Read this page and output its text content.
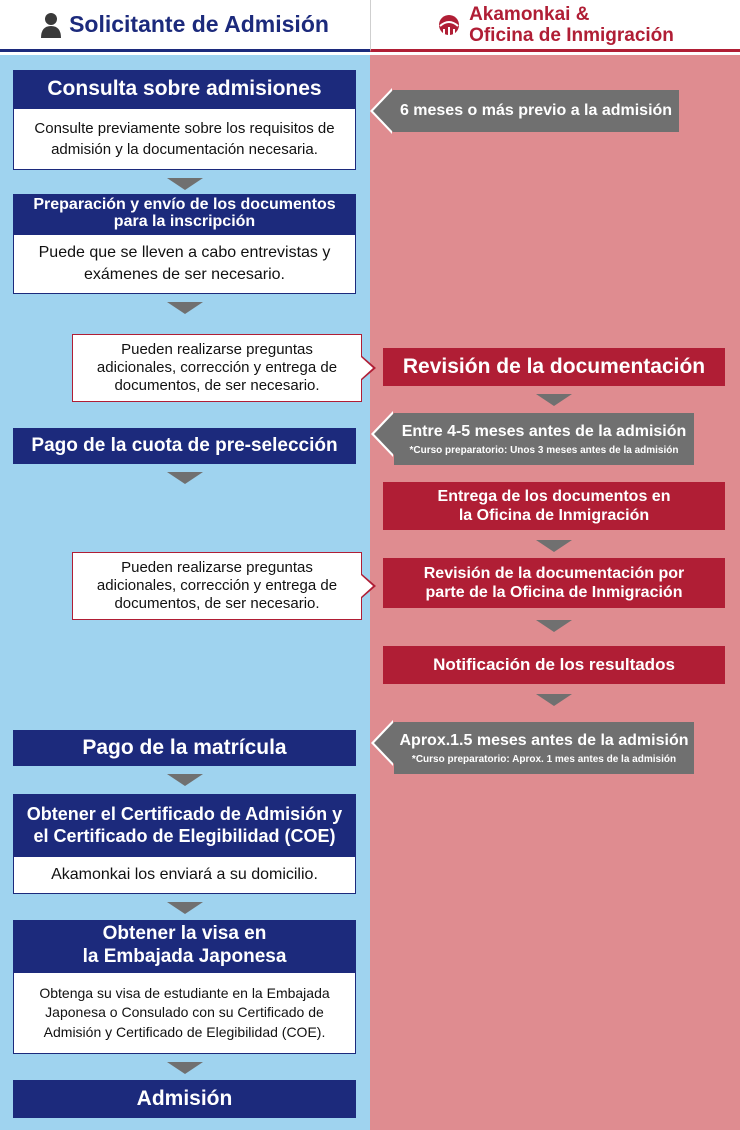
Solicitante de Admisión	Akamonkai &
Oficina de Inmigración
Consulta sobre admisiones
Consulte previamente sobre los requisitos de
admisión y la documentación necesaria.
Preparación y envío de los documentos
para la inscripción
Puede que se lleven a cabo entrevistas y
exámenes de ser necesario.
Pueden realizarse preguntas
adicionales, corrección y entrega de
documentos, de ser necesario.
Pago de la cuota de pre-selección
Pueden realizarse preguntas
adicionales, corrección y entrega de
documentos, de ser necesario.
Pago de la matrícula
Obtener el Certificado de Admisión y
el Certificado de Elegibilidad (COE)
Akamonkai los enviará a su domicilio.
Obtener la visa en
la Embajada Japonesa
Obtenga su visa de estudiante en la Embajada
Japonesa o Consulado con su Certificado de
Admisión y Certificado de Elegibilidad (COE).
Admisión
6 meses o más previo a la admisión
Revisión de la documentación
Entre 4-5 meses antes de la admisión
*Curso preparatorio: Unos 3 meses antes de la admisión
Entrega de los documentos en
la Oficina de Inmigración
Revisión de la documentación por
parte de la Oficina de Inmigración
Notificación de los resultados
Aprox.1.5 meses antes de la admisión
*Curso preparatorio: Aprox. 1 mes antes de la admisión
